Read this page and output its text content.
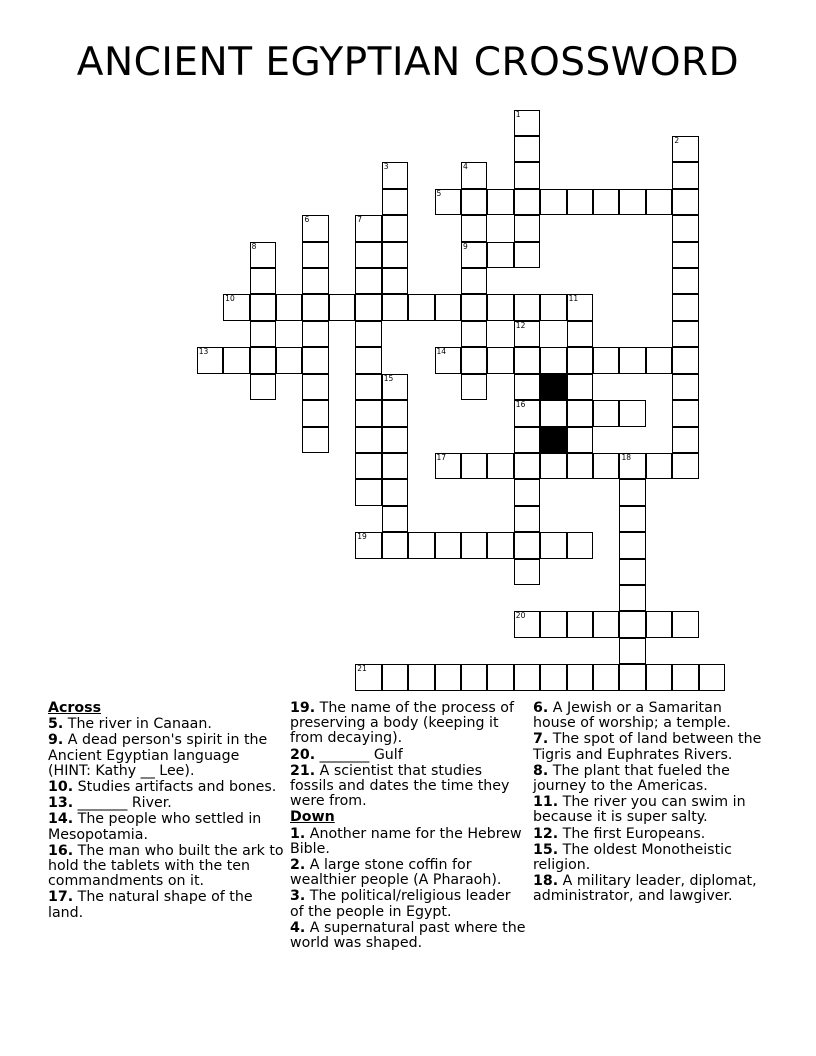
ANCIENT EGYPTIAN CROSSWORD
1
2
3	4
9
5
6	7
8
10	11
12
16
13	14
15
17	18
19
20
21

Across

5. The river in Canaan.

9. A dead person's spirit in the Ancient Egyptian language (HINT: Kathy __ Lee).

10. Studies artifacts and bones.

13. _______ River.

14. The people who settled in Mesopotamia.

16. The man who built the ark to hold the tablets with the ten commandments on it.

17. The natural shape of the land.

19. The name of the process of preserving a body (keeping it from decaying).

20. _______ Gulf

21. A scientist that studies fossils and dates the time they were from.

Down

1. Another name for the Hebrew Bible.

2. A large stone coffin for wealthier people (A Pharaoh).

3. The political/religious leader of the people in Egypt.

4. A supernatural past where the world was shaped.

6. A Jewish or a Samaritan house of worship; a temple.

7. The spot of land between the Tigris and Euphrates Rivers.

8. The plant that fueled the journey to the Americas.

11. The river you can swim in because it is super salty.

12. The first Europeans.

15. The oldest Monotheistic religion.

18. A military leader, diplomat, administrator, and lawgiver.
